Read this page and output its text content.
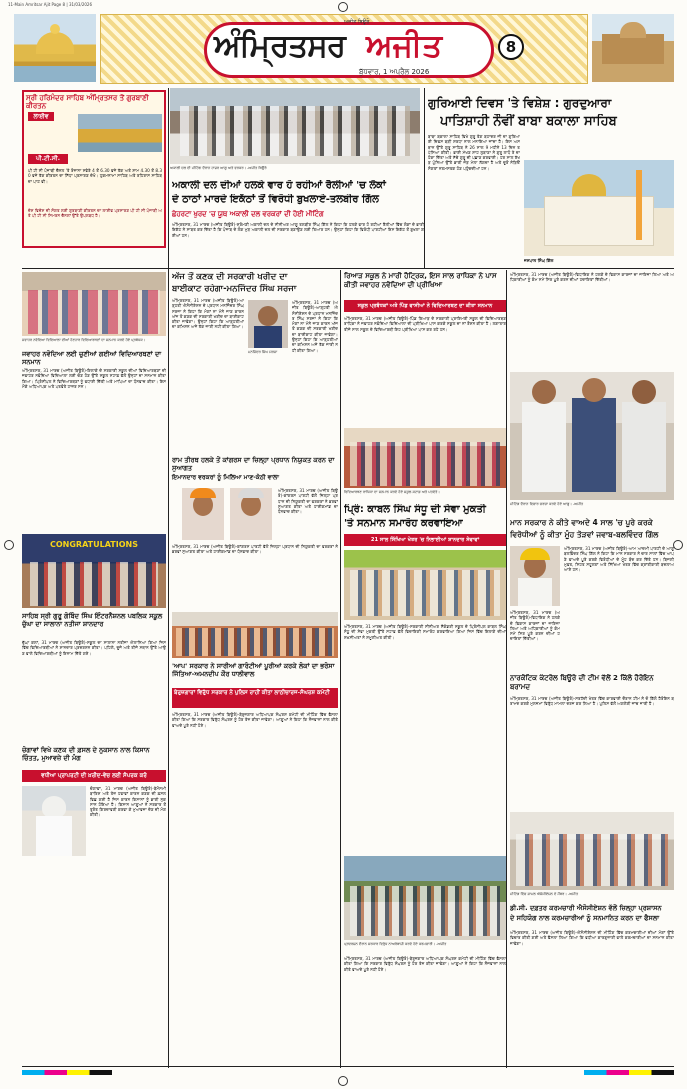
11-Main Amritsar Ajit Page 8 | 31/03/2026
ਅੰਮ੍ਰਿਤਸਰ ਅਜੀਤ
ਅਜੀਤ ਬਿਊਰੋ
ਬੁੱਧਵਾਰ, 1 ਅਪ੍ਰੈਲ 2026
8
ਸ੍ਰੀ ਹਰਿਮੰਦਰ ਸਾਹਿਬ ਅੰਮ੍ਰਿਤਸਰ ਤੋਂ ਗੁਰਬਾਣੀ ਕੀਰਤਨ
ਲਾਈਵ
ਪੀ.ਟੀ.ਸੀ.
ਪੀ ਟੀ ਸੀ ਪੰਜਾਬੀ ਚੈਨਲ 'ਤੇ ਰੋਜ਼ਾਨਾ ਸਵੇਰੇ 4 ਤੋਂ 6.30 ਵਜੇ ਤੱਕ ਅਤੇ ਸ਼ਾਮ 4.30 ਤੋਂ 8.30 ਵਜੇ ਤੱਕ ਕੀਰਤਨ ਦਾ ਸਿੱਧਾ ਪ੍ਰਸਾਰਣ ਦੇਖੋ। ਹੁਕਮਨਾਮਾ ਸਾਹਿਬ ਅਤੇ ਰਹਿਰਾਸ ਸਾਹਿਬ ਦਾ ਪਾਠ ਵੀ।
ਦੇਸ਼ ਵਿਦੇਸ਼ ਦੀ ਸੰਗਤ ਲਈ ਗੁਰਬਾਣੀ ਕੀਰਤਨ ਦਾ ਲਾਈਵ ਪ੍ਰਸਾਰਣ ਪੀ ਟੀ ਸੀ ਪੰਜਾਬੀ ਅਤੇ ਪੀ ਟੀ ਸੀ ਸਿਮਰਨ ਚੈਨਲਾਂ ਉੱਤੇ ਉਪਲਬਧ ਹੈ।
ਅਕਾਲੀ ਦਲ ਦੀ ਮੀਟਿੰਗ ਦੌਰਾਨ ਹਾਜ਼ਰ ਆਗੂ ਅਤੇ ਵਰਕਰ। -ਅਜੀਤ ਬਿਊਰੋ
ਗੁਰਿਆਈ ਦਿਵਸ 'ਤੇ ਵਿਸ਼ੇਸ਼ : ਗੁਰਦੁਆਰਾ
ਪਾਤਿਸ਼ਾਹੀ ਨੌਵੀਂ ਬਾਬਾ ਬਕਾਲਾ ਸਾਹਿਬ
ਬਾਬਾ ਬਕਾਲਾ ਸਾਹਿਬ ਵਿਖੇ ਗੁਰੂ ਤੇਗ ਬਹਾਦਰ ਜੀ ਦਾ ਗੁਰਿਆਈ ਦਿਵਸ ਬੜੀ ਸ਼ਰਧਾ ਨਾਲ ਮਨਾਇਆ ਜਾਂਦਾ ਹੈ। ਇਸ ਅਸਥਾਨ ਉੱਤੇ ਗੁਰੂ ਸਾਹਿਬ ਨੇ 26 ਸਾਲ 9 ਮਹੀਨੇ 13 ਦਿਨ ਤਪੱਸਿਆ ਕੀਤੀ। ਭਾਈ ਮੱਖਣ ਸ਼ਾਹ ਲੁਬਾਣਾ ਨੇ ਗੁਰੂ ਲਾਧੋ ਰੇ ਦਾ ਹੋਕਾ ਦਿੱਤਾ ਅਤੇ ਸੱਚੇ ਗੁਰੂ ਦੀ ਪਛਾਣ ਕਰਵਾਈ। ਹਰ ਸਾਲ ਰੱਖੜ ਪੁੰਨਿਆ ਉੱਤੇ ਭਾਰੀ ਜੋੜ ਮੇਲਾ ਲੱਗਦਾ ਹੈ ਅਤੇ ਦੂਰੋਂ ਨੇੜਿਓਂ ਸੰਗਤਾਂ ਨਤਮਸਤਕ ਹੋਣ ਪਹੁੰਚਦੀਆਂ ਹਨ।
ਜਸਪਾਲ ਸਿੰਘ ਗਿੱਲ
ਅਕਾਲੀ ਦਲ ਦੀਆਂ ਹਲਕੇ ਵਾਰ ਹੋ ਰਹੀਆਂ ਰੈਲੀਆਂ 'ਚ ਲੋਕਾਂ
ਦੇ ਠਾਠਾਂ ਮਾਰਦੇ ਇਕੱਠਾਂ ਤੋਂ ਵਿਰੋਧੀ ਬੁਖਲਾਏ-ਤਲਬੀਰ ਗਿੱਲ
ਛੇਹਰਟਾ ਖੁਰਦ 'ਚ ਯੂਥ ਅਕਾਲੀ ਦਲ ਵਰਕਰਾਂ ਦੀ ਹੋਈ ਮੀਟਿੰਗ
ਅੰਮ੍ਰਿਤਸਰ, 31 ਮਾਰਚ (ਅਜੀਤ ਬਿਊਰੋ)-ਸ਼੍ਰੋਮਣੀ ਅਕਾਲੀ ਦਲ ਦੇ ਸੀਨੀਅਰ ਆਗੂ ਤਲਬੀਰ ਸਿੰਘ ਗਿੱਲ ਨੇ ਕਿਹਾ ਕਿ ਹਲਕੇ ਵਾਰ ਹੋ ਰਹੀਆਂ ਰੈਲੀਆਂ ਵਿੱਚ ਲੋਕਾਂ ਦੇ ਭਾਰੀ ਇਕੱਠ ਨੇ ਸਾਬਤ ਕਰ ਦਿੱਤਾ ਹੈ ਕਿ ਪੰਜਾਬ ਦੇ ਲੋਕ ਮੁੜ ਅਕਾਲੀ ਦਲ ਦੀ ਸਰਕਾਰ ਬਣਾਉਣ ਲਈ ਤਿਆਰ ਹਨ। ਉਨ੍ਹਾਂ ਕਿਹਾ ਕਿ ਵਿਰੋਧੀ ਪਾਰਟੀਆਂ ਇਸ ਇਕੱਠ ਤੋਂ ਬੁਖਲਾ ਗਈਆਂ ਹਨ।
ਜਵਾਹਰ ਨਵੋਦਿਆ ਵਿਦਿਆਲਾ ਦੀਆਂ ਹੋਣਹਾਰ ਵਿਦਿਆਰਥਣਾਂ ਦਾ ਸਨਮਾਨ ਕਰਦੇ ਹੋਏ ਪ੍ਰਬੰਧਕ।
ਜਵਾਹਰ ਨਵੋਦਿਆ ਲਈ ਚੁਣੀਆਂ ਗਈਆਂ ਵਿਦਿਆਰਥਣਾਂ ਦਾ ਸਨਮਾਨ
ਅੰਮ੍ਰਿਤਸਰ, 31 ਮਾਰਚ (ਅਜੀਤ ਬਿਊਰੋ)-ਇਲਾਕੇ ਦੇ ਸਰਕਾਰੀ ਸਕੂਲ ਦੀਆਂ ਵਿਦਿਆਰਥਣਾਂ ਦੀ ਜਵਾਹਰ ਨਵੋਦਿਆ ਵਿਦਿਆਲਾ ਲਈ ਚੋਣ ਹੋਣ ਉੱਤੇ ਸਕੂਲ ਸਟਾਫ਼ ਵੱਲੋਂ ਉਨ੍ਹਾਂ ਦਾ ਸਨਮਾਨ ਕੀਤਾ ਗਿਆ। ਪ੍ਰਿੰਸੀਪਲ ਨੇ ਵਿਦਿਆਰਥਣਾਂ ਨੂੰ ਵਧਾਈ ਦਿੱਤੀ ਅਤੇ ਮਾਪਿਆਂ ਦਾ ਧੰਨਵਾਦ ਕੀਤਾ। ਇਸ ਮੌਕੇ ਅਧਿਆਪਕ ਅਤੇ ਪਤਵੰਤੇ ਹਾਜ਼ਰ ਸਨ।
CONGRATULATIONS
ਸਾਹਿਬ ਸ੍ਰੀ ਗੁਰੂ ਗੋਬਿੰਦ ਸਿੰਘ ਇੰਟਰਨੈਸ਼ਨਲ ਪਬਲਿਕ ਸਕੂਲ ਚੁੱਘਾ ਦਾ ਸਾਲਾਨਾ ਨਤੀਜਾ ਸ਼ਾਨਦਾਰ
ਚੁੱਘਾ ਕਲਾਂ, 31 ਮਾਰਚ (ਅਜੀਤ ਬਿਊਰੋ)-ਸਕੂਲ ਦਾ ਸਾਲਾਨਾ ਨਤੀਜਾ ਐਲਾਨਿਆ ਗਿਆ ਜਿਸ ਵਿੱਚ ਵਿਦਿਆਰਥੀਆਂ ਨੇ ਸ਼ਾਨਦਾਰ ਪ੍ਰਦਰਸ਼ਨ ਕੀਤਾ। ਪਹਿਲੇ, ਦੂਜੇ ਅਤੇ ਤੀਜੇ ਸਥਾਨ ਉੱਤੇ ਆਉਣ ਵਾਲੇ ਵਿਦਿਆਰਥੀਆਂ ਨੂੰ ਇਨਾਮ ਦਿੱਤੇ ਗਏ।
ਚੋਗਾਵਾਂ ਵਿਖੇ ਕਣਕ ਦੀ ਫ਼ਸਲ ਦੇ ਨੁਕਸਾਨ ਨਾਲ ਕਿਸਾਨ ਚਿੰਤਤ, ਮੁਆਵਜ਼ੇ ਦੀ ਮੰਗ
ਵਧੀਆ ਪ੍ਰਾਪਰਟੀ ਦੀ ਖ਼ਰੀਦ-ਵੇਚ ਲਈ ਸੰਪਰਕ ਕਰੋ
ਚੋਗਾਵਾਂ, 31 ਮਾਰਚ (ਅਜੀਤ ਬਿਊਰੋ)-ਬੇਮੌਸਮੀ ਬਾਰਿਸ਼ ਅਤੇ ਤੇਜ਼ ਹਵਾਵਾਂ ਕਾਰਨ ਕਣਕ ਦੀ ਫ਼ਸਲ ਵਿਛ ਗਈ ਹੈ ਜਿਸ ਕਾਰਨ ਕਿਸਾਨਾਂ ਨੂੰ ਭਾਰੀ ਨੁਕਸਾਨ ਹੋਇਆ ਹੈ। ਕਿਸਾਨ ਆਗੂਆਂ ਨੇ ਸਰਕਾਰ ਤੋਂ ਤੁਰੰਤ ਗਿਰਦਾਵਰੀ ਕਰਵਾ ਕੇ ਮੁਆਵਜ਼ਾ ਦੇਣ ਦੀ ਮੰਗ ਕੀਤੀ।
ਅੱਜ ਤੋਂ ਕਣਕ ਦੀ ਸਰਕਾਰੀ ਖਰੀਦ ਦਾ
ਬਾਈਕਾਟ ਰਹੇਗਾ-ਮਨਜਿੰਦਰ ਸਿੰਘ ਸਰਜਾ
ਅੰਮ੍ਰਿਤਸਰ, 31 ਮਾਰਚ (ਅਜੀਤ ਬਿਊਰੋ)-ਆੜ੍ਹਤੀ ਐਸੋਸੀਏਸ਼ਨ ਦੇ ਪ੍ਰਧਾਨ ਮਨਜਿੰਦਰ ਸਿੰਘ ਸਰਜਾ ਨੇ ਕਿਹਾ ਕਿ ਮੰਗਾਂ ਨਾ ਮੰਨੇ ਜਾਣ ਕਾਰਨ ਅੱਜ ਤੋਂ ਕਣਕ ਦੀ ਸਰਕਾਰੀ ਖਰੀਦ ਦਾ ਬਾਈਕਾਟ ਕੀਤਾ ਜਾਵੇਗਾ। ਉਨ੍ਹਾਂ ਕਿਹਾ ਕਿ ਆੜ੍ਹਤੀਆਂ ਦਾ ਕਮਿਸ਼ਨ ਅਜੇ ਤੱਕ ਜਾਰੀ ਨਹੀਂ ਕੀਤਾ ਗਿਆ।
ਮਨਜਿੰਦਰ ਸਿੰਘ ਸਰਜਾ
ਅੰਮ੍ਰਿਤਸਰ, 31 ਮਾਰਚ (ਅਜੀਤ ਬਿਊਰੋ)-ਆੜ੍ਹਤੀ ਐਸੋਸੀਏਸ਼ਨ ਦੇ ਪ੍ਰਧਾਨ ਮਨਜਿੰਦਰ ਸਿੰਘ ਸਰਜਾ ਨੇ ਕਿਹਾ ਕਿ ਮੰਗਾਂ ਨਾ ਮੰਨੇ ਜਾਣ ਕਾਰਨ ਅੱਜ ਤੋਂ ਕਣਕ ਦੀ ਸਰਕਾਰੀ ਖਰੀਦ ਦਾ ਬਾਈਕਾਟ ਕੀਤਾ ਜਾਵੇਗਾ। ਉਨ੍ਹਾਂ ਕਿਹਾ ਕਿ ਆੜ੍ਹਤੀਆਂ ਦਾ ਕਮਿਸ਼ਨ ਅਜੇ ਤੱਕ ਜਾਰੀ ਨਹੀਂ ਕੀਤਾ ਗਿਆ।
ਰਾਮ ਤੀਰਥ ਹਲਕੇ ਤੋਂ ਕਾਂਗਰਸ ਦਾ ਜ਼ਿਲ੍ਹਾ ਪ੍ਰਧਾਨ ਨਿਯੁਕਤ ਕਰਨ ਦਾ ਸੁਆਗਤ
ਇਮਾਨਦਾਰ ਵਰਕਰਾਂ ਨੂੰ ਮਿਲਿਆ ਮਾਣ-ਕੋਠੀ ਵਾਲਾ
ਅੰਮ੍ਰਿਤਸਰ, 31 ਮਾਰਚ (ਅਜੀਤ ਬਿਊਰੋ)-ਕਾਂਗਰਸ ਪਾਰਟੀ ਵੱਲੋਂ ਜ਼ਿਲ੍ਹਾ ਪ੍ਰਧਾਨ ਦੀ ਨਿਯੁਕਤੀ ਦਾ ਵਰਕਰਾਂ ਨੇ ਭਰਵਾਂ ਸੁਆਗਤ ਕੀਤਾ ਅਤੇ ਹਾਈਕਮਾਂਡ ਦਾ ਧੰਨਵਾਦ ਕੀਤਾ।
ਅੰਮ੍ਰਿਤਸਰ, 31 ਮਾਰਚ (ਅਜੀਤ ਬਿਊਰੋ)-ਕਾਂਗਰਸ ਪਾਰਟੀ ਵੱਲੋਂ ਜ਼ਿਲ੍ਹਾ ਪ੍ਰਧਾਨ ਦੀ ਨਿਯੁਕਤੀ ਦਾ ਵਰਕਰਾਂ ਨੇ ਭਰਵਾਂ ਸੁਆਗਤ ਕੀਤਾ ਅਤੇ ਹਾਈਕਮਾਂਡ ਦਾ ਧੰਨਵਾਦ ਕੀਤਾ।
'ਆਪ' ਸਰਕਾਰ ਨੇ ਸਾਰੀਆਂ ਗਾਰੰਟੀਆਂ ਪੂਰੀਆਂ ਕਰਕੇ ਲੋਕਾਂ ਦਾ ਭਰੋਸਾ ਜਿੱਤਿਆ-ਅਮਨਦੀਪ ਕੌਰ ਧਾਲੀਵਾਲ
ਬੇਰੁਜ਼ਗਾਰਾਂ ਵਿਰੁੱਧ ਸਰਕਾਰ ਨੇ ਪੁਲਿਸ ਰਾਹੀਂ ਕੀਤਾ ਲਾਠੀਚਾਰਜ-ਸੰਘਰਸ਼ ਕਮੇਟੀ
ਅੰਮ੍ਰਿਤਸਰ, 31 ਮਾਰਚ (ਅਜੀਤ ਬਿਊਰੋ)-ਬੇਰੁਜ਼ਗਾਰ ਅਧਿਆਪਕ ਸੰਘਰਸ਼ ਕਮੇਟੀ ਦੀ ਮੀਟਿੰਗ ਵਿੱਚ ਫੈਸਲਾ ਕੀਤਾ ਗਿਆ ਕਿ ਸਰਕਾਰ ਵਿਰੁੱਧ ਸੰਘਰਸ਼ ਨੂੰ ਹੋਰ ਤੇਜ਼ ਕੀਤਾ ਜਾਵੇਗਾ। ਆਗੂਆਂ ਨੇ ਕਿਹਾ ਕਿ ਨੌਜਵਾਨਾਂ ਨਾਲ ਕੀਤੇ ਵਾਅਦੇ ਪੂਰੇ ਨਹੀਂ ਹੋਏ।
ਰਿਆੜ ਸਕੂਲ ਨੇ ਮਾਰੀ ਹੈਟ੍ਰਿਕ, ਇਸ ਸਾਲ ਰਾਧਿਕਾ ਨੇ ਪਾਸ ਕੀਤੀ ਜਵਾਹਰ ਨਵੋਦਿਆ ਦੀ ਪ੍ਰੀਖਿਆ
ਸਕੂਲ ਪ੍ਰਬੰਧਕਾਂ ਅਤੇ ਪਿੰਡ ਵਾਸੀਆਂ ਨੇ ਵਿਦਿਆਰਥਣ ਦਾ ਕੀਤਾ ਸਨਮਾਨ
ਅੰਮ੍ਰਿਤਸਰ, 31 ਮਾਰਚ (ਅਜੀਤ ਬਿਊਰੋ)-ਪਿੰਡ ਰਿਆੜ ਦੇ ਸਰਕਾਰੀ ਪ੍ਰਾਇਮਰੀ ਸਕੂਲ ਦੀ ਵਿਦਿਆਰਥਣ ਰਾਧਿਕਾ ਨੇ ਜਵਾਹਰ ਨਵੋਦਿਆ ਵਿਦਿਆਲਾ ਦੀ ਪ੍ਰੀਖਿਆ ਪਾਸ ਕਰਕੇ ਸਕੂਲ ਦਾ ਨਾਂ ਰੌਸ਼ਨ ਕੀਤਾ ਹੈ। ਲਗਾਤਾਰ ਤੀਜੇ ਸਾਲ ਸਕੂਲ ਦੇ ਵਿਦਿਆਰਥੀ ਇਹ ਪ੍ਰੀਖਿਆ ਪਾਸ ਕਰ ਰਹੇ ਹਨ।
ਵਿਦਿਆਰਥਣ ਰਾਧਿਕਾ ਦਾ ਸਨਮਾਨ ਕਰਦੇ ਹੋਏ ਸਕੂਲ ਸਟਾਫ਼ ਅਤੇ ਪਤਵੰਤੇ।
ਪ੍ਰਿੰ: ਕਾਬਲ ਸਿੰਘ ਸੰਧੂ ਦੀ ਸੇਵਾ ਮੁਕਤੀ
'ਤੇ ਸਨਮਾਨ ਸਮਾਰੋਹ ਕਰਵਾਇਆ
21 ਸਾਲ ਸਿੱਖਿਆ ਖੇਤਰ 'ਚ ਨਿਭਾਈਆਂ ਸ਼ਾਨਦਾਰ ਸੇਵਾਵਾਂ
ਅੰਮ੍ਰਿਤਸਰ, 31 ਮਾਰਚ (ਅਜੀਤ ਬਿਊਰੋ)-ਸਰਕਾਰੀ ਸੀਨੀਅਰ ਸੈਕੰਡਰੀ ਸਕੂਲ ਦੇ ਪ੍ਰਿੰਸੀਪਲ ਕਾਬਲ ਸਿੰਘ ਸੰਧੂ ਦੀ ਸੇਵਾ ਮੁਕਤੀ ਉੱਤੇ ਸਟਾਫ਼ ਵੱਲੋਂ ਵਿਦਾਇਗੀ ਸਮਾਰੋਹ ਕਰਵਾਇਆ ਗਿਆ ਜਿਸ ਵਿੱਚ ਇਲਾਕੇ ਦੀਆਂ ਸ਼ਖ਼ਸੀਅਤਾਂ ਨੇ ਸ਼ਮੂਲੀਅਤ ਕੀਤੀ।
ਪ੍ਰਦਰਸ਼ਨ ਦੌਰਾਨ ਸਰਕਾਰ ਵਿਰੁੱਧ ਨਾਅਰੇਬਾਜ਼ੀ ਕਰਦੇ ਹੋਏ ਕਰਮਚਾਰੀ। -ਅਜੀਤ
ਅੰਮ੍ਰਿਤਸਰ, 31 ਮਾਰਚ (ਅਜੀਤ ਬਿਊਰੋ)-ਬੇਰੁਜ਼ਗਾਰ ਅਧਿਆਪਕ ਸੰਘਰਸ਼ ਕਮੇਟੀ ਦੀ ਮੀਟਿੰਗ ਵਿੱਚ ਫੈਸਲਾ ਕੀਤਾ ਗਿਆ ਕਿ ਸਰਕਾਰ ਵਿਰੁੱਧ ਸੰਘਰਸ਼ ਨੂੰ ਹੋਰ ਤੇਜ਼ ਕੀਤਾ ਜਾਵੇਗਾ। ਆਗੂਆਂ ਨੇ ਕਿਹਾ ਕਿ ਨੌਜਵਾਨਾਂ ਨਾਲ ਕੀਤੇ ਵਾਅਦੇ ਪੂਰੇ ਨਹੀਂ ਹੋਏ।
ਅੰਮ੍ਰਿਤਸਰ, 31 ਮਾਰਚ (ਅਜੀਤ ਬਿਊਰੋ)-ਵਿਧਾਇਕ ਨੇ ਹਲਕੇ ਦੇ ਵਿਕਾਸ ਕਾਰਜਾਂ ਦਾ ਜਾਇਜ਼ਾ ਲਿਆ ਅਤੇ ਅਧਿਕਾਰੀਆਂ ਨੂੰ ਕੰਮ ਸਮੇਂ ਸਿਰ ਪੂਰੇ ਕਰਨ ਦੀਆਂ ਹਦਾਇਤਾਂ ਦਿੱਤੀਆਂ।
ਮੀਟਿੰਗ ਦੌਰਾਨ ਵਿਚਾਰ ਚਰਚਾ ਕਰਦੇ ਹੋਏ ਆਗੂ। -ਅਜੀਤ
ਮਾਨ ਸਰਕਾਰ ਨੇ ਕੀਤੇ ਵਾਅਦੇ 4 ਸਾਲ 'ਚ ਪੂਰੇ ਕਰਕੇ
ਵਿਰੋਧੀਆਂ ਨੂੰ ਕੀਤਾ ਮੂੰਹ ਤੋੜਵਾਂ ਜਵਾਬ-ਬਲਵਿੰਦਰ ਗਿੱਲ
ਅੰਮ੍ਰਿਤਸਰ, 31 ਮਾਰਚ (ਅਜੀਤ ਬਿਊਰੋ)-ਆਮ ਆਦਮੀ ਪਾਰਟੀ ਦੇ ਆਗੂ ਬਲਵਿੰਦਰ ਸਿੰਘ ਗਿੱਲ ਨੇ ਕਿਹਾ ਕਿ ਮਾਨ ਸਰਕਾਰ ਨੇ ਚਾਰ ਸਾਲਾਂ ਵਿੱਚ ਆਪਣੇ ਵਾਅਦੇ ਪੂਰੇ ਕਰਕੇ ਵਿਰੋਧੀਆਂ ਦੇ ਮੂੰਹ ਬੰਦ ਕਰ ਦਿੱਤੇ ਹਨ। ਬਿਜਲੀ ਮੁਫ਼ਤ, ਸਿਹਤ ਸਹੂਲਤਾਂ ਅਤੇ ਸਿੱਖਿਆ ਖੇਤਰ ਵਿੱਚ ਕ੍ਰਾਂਤੀਕਾਰੀ ਬਦਲਾਅ ਆਏ ਹਨ।
ਅੰਮ੍ਰਿਤਸਰ, 31 ਮਾਰਚ (ਅਜੀਤ ਬਿਊਰੋ)-ਵਿਧਾਇਕ ਨੇ ਹਲਕੇ ਦੇ ਵਿਕਾਸ ਕਾਰਜਾਂ ਦਾ ਜਾਇਜ਼ਾ ਲਿਆ ਅਤੇ ਅਧਿਕਾਰੀਆਂ ਨੂੰ ਕੰਮ ਸਮੇਂ ਸਿਰ ਪੂਰੇ ਕਰਨ ਦੀਆਂ ਹਦਾਇਤਾਂ ਦਿੱਤੀਆਂ।
ਨਾਰਕੋਟਿਕ ਕੰਟਰੋਲ ਬਿਊਰੋ ਦੀ ਟੀਮ ਵੱਲੋਂ 2 ਕਿੱਲੋ ਹੈਰੋਇਨ ਬਰਾਮਦ
ਅੰਮ੍ਰਿਤਸਰ, 31 ਮਾਰਚ (ਅਜੀਤ ਬਿਊਰੋ)-ਸਰਹੱਦੀ ਖੇਤਰ ਵਿੱਚ ਕਾਰਵਾਈ ਦੌਰਾਨ ਟੀਮ ਨੇ ਦੋ ਕਿੱਲੋ ਹੈਰੋਇਨ ਬਰਾਮਦ ਕਰਕੇ ਮੁਲਜ਼ਮਾਂ ਵਿਰੁੱਧ ਮਾਮਲਾ ਦਰਜ ਕਰ ਲਿਆ ਹੈ। ਪੁਲਿਸ ਵੱਲੋਂ ਅਗਲੇਰੀ ਜਾਂਚ ਜਾਰੀ ਹੈ।
ਮੀਟਿੰਗ ਵਿੱਚ ਸ਼ਾਮਲ ਐਸੋਸੀਏਸ਼ਨ ਦੇ ਮੈਂਬਰ। -ਅਜੀਤ
ਡੀ.ਸੀ. ਦਫ਼ਤਰ ਕਰਮਚਾਰੀ ਐਸੋਸੀਏਸ਼ਨ ਵੱਲੋਂ ਜ਼ਿਲ੍ਹਾ ਪ੍ਰਸ਼ਾਸਨ
ਦੇ ਸਹਿਯੋਗ ਨਾਲ ਕਰਮਚਾਰੀਆਂ ਨੂੰ ਸਨਮਾਨਿਤ ਕਰਨ ਦਾ ਫੈਸਲਾ
ਅੰਮ੍ਰਿਤਸਰ, 31 ਮਾਰਚ (ਅਜੀਤ ਬਿਊਰੋ)-ਐਸੋਸੀਏਸ਼ਨ ਦੀ ਮੀਟਿੰਗ ਵਿੱਚ ਕਰਮਚਾਰੀਆਂ ਦੀਆਂ ਮੰਗਾਂ ਉੱਤੇ ਵਿਚਾਰ ਕੀਤੀ ਗਈ ਅਤੇ ਫੈਸਲਾ ਲਿਆ ਗਿਆ ਕਿ ਵਧੀਆ ਕਾਰਗੁਜ਼ਾਰੀ ਵਾਲੇ ਕਰਮਚਾਰੀਆਂ ਦਾ ਸਨਮਾਨ ਕੀਤਾ ਜਾਵੇਗਾ।
